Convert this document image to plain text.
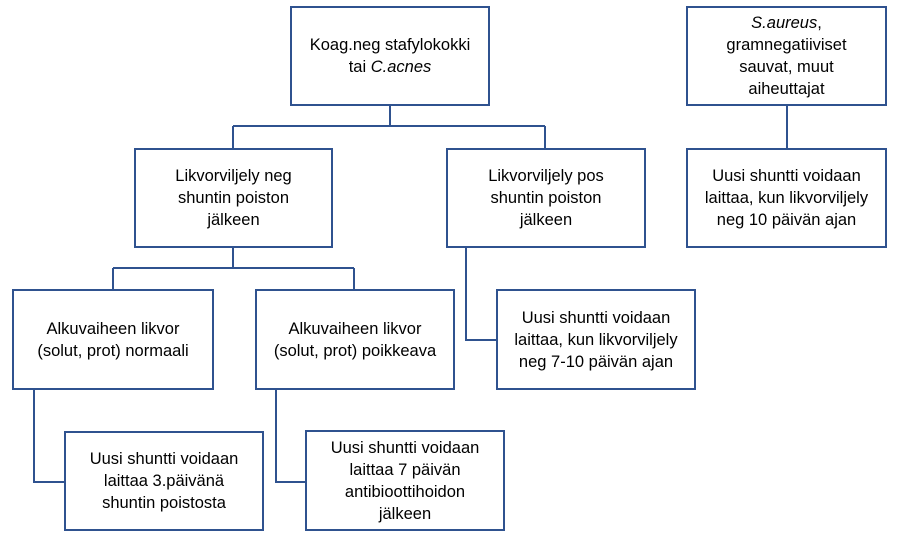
Koag.neg stafylokokki
tai C.acnes
Likvorviljely neg
shuntin poiston
jälkeen
Likvorviljely pos
shuntin poiston
jälkeen
Alkuvaiheen likvor
(solut, prot) normaali
Alkuvaiheen likvor
(solut, prot) poikkeava
Uusi shuntti voidaan
laittaa 3.päivänä
shuntin poistosta
Uusi shuntti voidaan
laittaa 7 päivän
antibioottihoidon
jälkeen
Uusi shuntti voidaan
laittaa, kun likvorviljely
neg 7-10 päivän ajan
S.aureus,
gramnegatiiviset
sauvat, muut
aiheuttajat
Uusi shuntti voidaan
laittaa, kun likvorviljely
neg 10 päivän ajan
